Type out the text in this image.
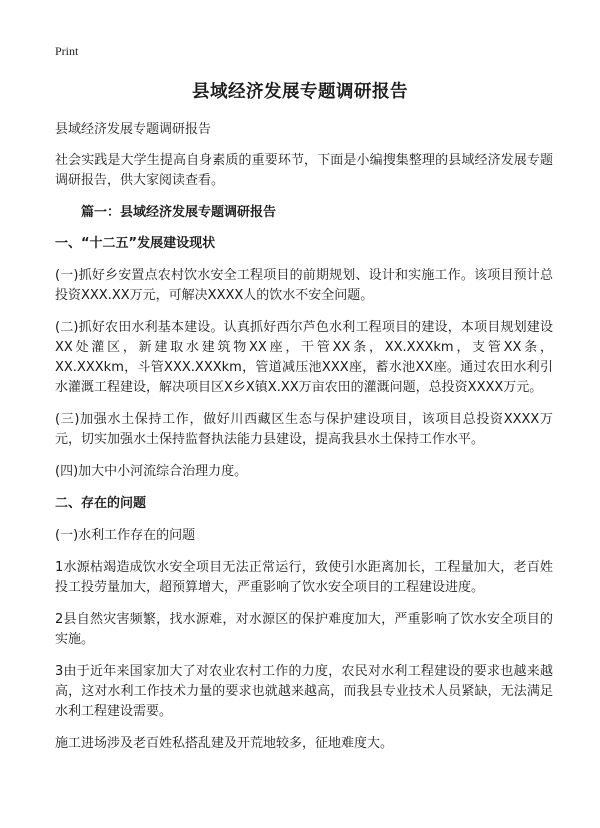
Print
县域经济发展专题调研报告

县域经济发展专题调研报告

社会实践是大学生提高自身素质的重要环节，下面是小编搜集整理的县域经济发展专题调研报告，供大家阅读查看。

篇一：县域经济发展专题调研报告

一、“十二五”发展建设现状

(一)抓好乡安置点农村饮水安全工程项目的前期规划、设计和实施工作。该项目预计总投资XXX.XX万元，可解决XXXX人的饮水不安全问题。

(二)抓好农田水利基本建设。认真抓好西尔芦色水利工程项目的建设，本项目规划建设XX处灌区，新建取水建筑物XX座，干管XX条，XX.XXXkm，支管XX条，XX.XXXkm，斗管XXX.XXXkm，管道减压池XXX座，蓄水池XX座。通过农田水利引水灌溉工程建设，解决项目区X乡X镇X.XX万亩农田的灌溉问题，总投资XXXX万元。

(三)加强水土保持工作，做好川西藏区生态与保护建设项目，该项目总投资XXXX万元，切实加强水土保持监督执法能力县建设，提高我县水土保持工作水平。

(四)加大中小河流综合治理力度。

二、存在的问题

(一)水利工作存在的问题

1水源枯竭造成饮水安全项目无法正常运行，致使引水距离加长，工程量加大，老百姓投工投劳量加大，超预算增大，严重影响了饮水安全项目的工程建设进度。

2县自然灾害频繁，找水源难，对水源区的保护难度加大，严重影响了饮水安全项目的实施。

3由于近年来国家加大了对农业农村工作的力度，农民对水利工程建设的要求也越来越高，这对水利工作技术力量的要求也就越来越高，而我县专业技术人员紧缺，无法满足水利工程建设需要。

施工进场涉及老百姓私搭乱建及开荒地较多，征地难度大。
